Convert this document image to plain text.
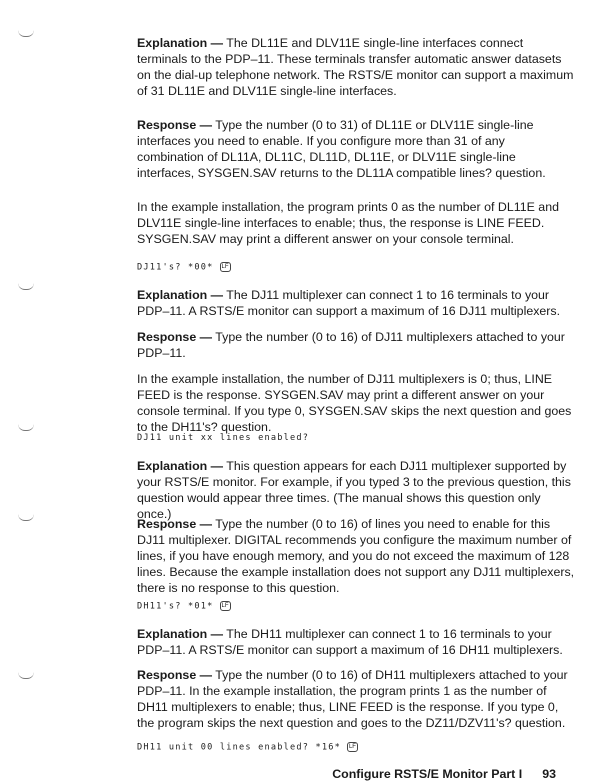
Explanation — The DL11E and DLV11E single-line interfaces connect terminals to the PDP–11. These terminals transfer automatic answer datasets on the dial-up telephone network. The RSTS/E monitor can support a maximum of 31 DL11E and DLV11E single-line interfaces.

Response — Type the number (0 to 31) of DL11E or DLV11E single-line interfaces you need to enable. If you configure more than 31 of any combination of DL11A, DL11C, DL11D, DL11E, or DLV11E single-line interfaces, SYSGEN.SAV returns to the DL11A compatible lines? question.

In the example installation, the program prints 0 as the number of DL11E and DLV11E single-line interfaces to enable; thus, the response is LINE FEED. SYSGEN.SAV may print a different answer on your console terminal.

DJ11's? *00* LF

Explanation — The DJ11 multiplexer can connect 1 to 16 terminals to your PDP–11. A RSTS/E monitor can support a maximum of 16 DJ11 multiplexers.

Response — Type the number (0 to 16) of DJ11 multiplexers attached to your PDP–11.

In the example installation, the number of DJ11 multiplexers is 0; thus, LINE FEED is the response. SYSGEN.SAV may print a different answer on your console terminal. If you type 0, SYSGEN.SAV skips the next question and goes to the DH11's? question.

DJ11 unit xx lines enabled?

Explanation — This question appears for each DJ11 multiplexer supported by your RSTS/E monitor. For example, if you typed 3 to the previous question, this question would appear three times. (The manual shows this question only once.)

Response — Type the number (0 to 16) of lines you need to enable for this DJ11 multiplexer. DIGITAL recommends you configure the maximum number of lines, if you have enough memory, and you do not exceed the maximum of 128 lines. Because the example installation does not support any DJ11 multiplexers, there is no response to this question.

DH11's? *01* LF

Explanation — The DH11 multiplexer can connect 1 to 16 terminals to your PDP–11. A RSTS/E monitor can support a maximum of 16 DH11 multiplexers.

Response — Type the number (0 to 16) of DH11 multiplexers attached to your PDP–11. In the example installation, the program prints 1 as the number of DH11 multiplexers to enable; thus, LINE FEED is the response. If you type 0, the program skips the next question and goes to the DZ11/DZV11's? question.

DH11 unit 00 lines enabled? *16* LF
Configure RSTS/E Monitor Part I 93
